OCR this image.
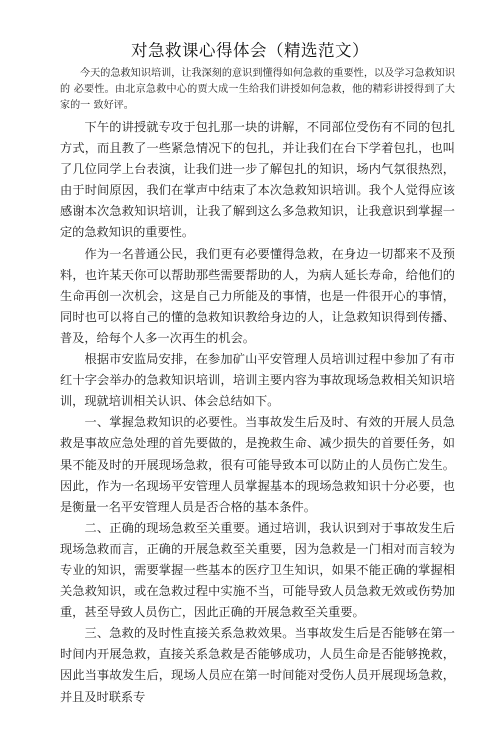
对急救课心得体会（精选范文）
今天的急救知识培训，让我深刻的意识到懂得如何急救的重要性，以及学习急救知识的 必要性。由北京急救中心的贾大成一生给我们讲授如何急救，他的精彩讲授得到了大家的一 致好评。

下午的讲授就专攻于包扎那一块的讲解，不同部位受伤有不同的包扎方式，而且教了一些紧急情况下的包扎，并让我们在台下学着包扎，也叫了几位同学上台表演，让我们进一步了解包扎的知识，场内气氛很热烈，由于时间原因，我们在掌声中结束了本次急救知识培训。我个人觉得应该感谢本次急救知识培训，让我了解到这么多急救知识，让我意识到掌握一定的急救知识的重要性。

作为一名普通公民，我们更有必要懂得急救，在身边一切都来不及预料，也许某天你可以帮助那些需要帮助的人，为病人延长寿命，给他们的生命再创一次机会，这是自己力所能及的事情，也是一件很开心的事情，同时也可以将自己的懂的急救知识教给身边的人，让急救知识得到传播、普及，给每个人多一次再生的机会。

根据市安监局安排，在参加矿山平安管理人员培训过程中参加了有市红十字会举办的急救知识培训，培训主要内容为事故现场急救相关知识培训，现就培训相关认识、体会总结如下。

一、掌握急救知识的必要性。当事故发生后及时、有效的开展人员急救是事故应急处理的首先要做的，是挽救生命、减少损失的首要任务，如果不能及时的开展现场急救，很有可能导致本可以防止的人员伤亡发生。因此，作为一名现场平安管理人员掌握基本的现场急救知识十分必要，也是衡量一名平安管理人员是否合格的基本条件。

二、正确的现场急救至关重要。通过培训，我认识到对于事故发生后现场急救而言，正确的开展急救至关重要，因为急救是一门相对而言较为专业的知识，需要掌握一些基本的医疗卫生知识，如果不能正确的掌握相关急救知识，或在急救过程中实施不当，可能导致人员急救无效或伤势加重，甚至导致人员伤亡，因此正确的开展急救至关重要。

三、急救的及时性直接关系急救效果。当事故发生后是否能够在第一时间内开展急救，直接关系急救是否能够成功，人员生命是否能够挽救，因此当事故发生后，现场人员应在第一时间能对受伤人员开展现场急救，并且及时联系专
